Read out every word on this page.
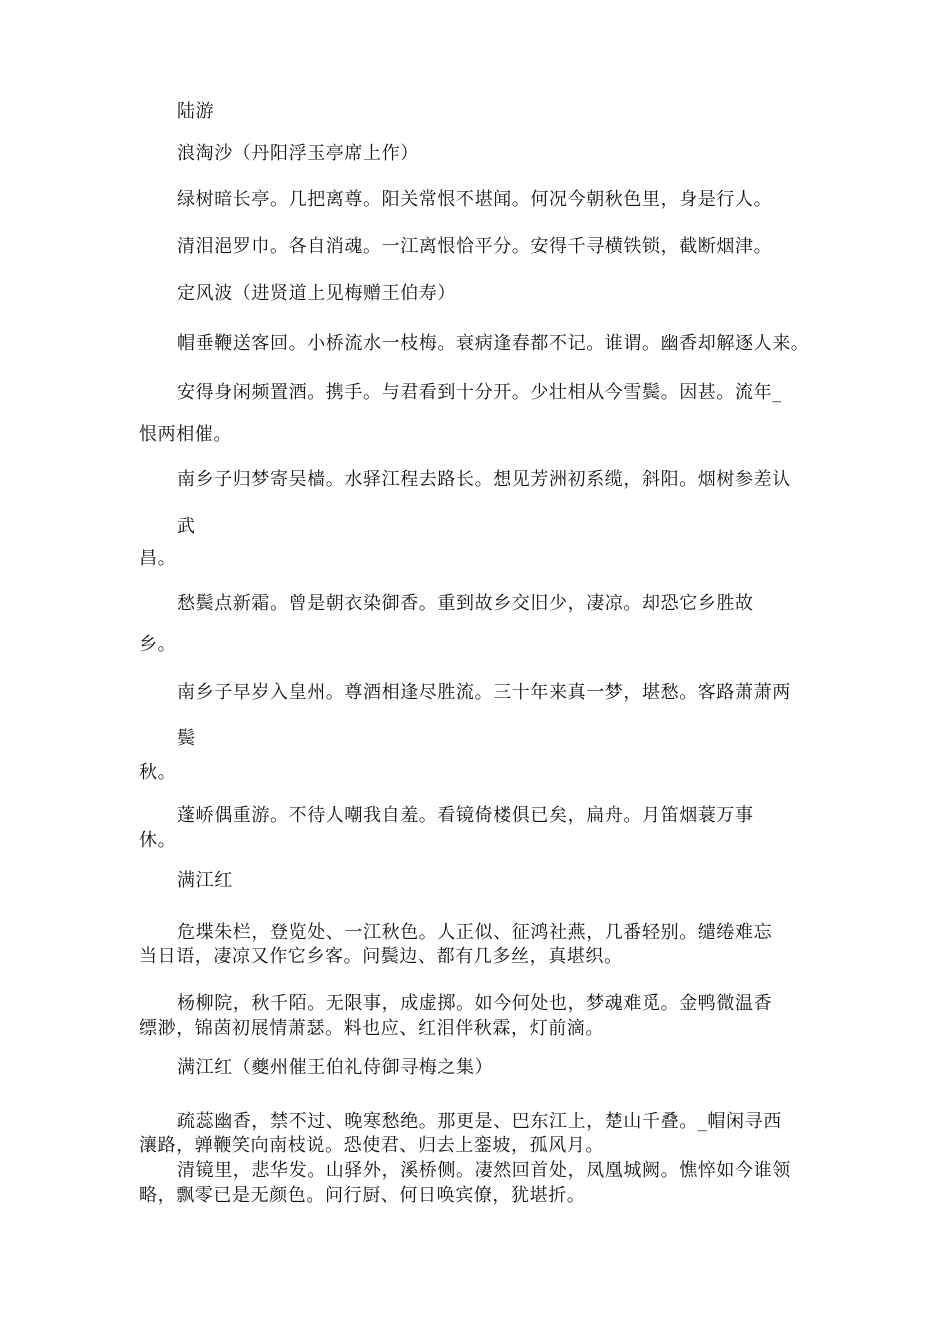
陆游
浪淘沙（丹阳浮玉亭席上作）
绿树暗长亭。几把离尊。阳关常恨不堪闻。何况今朝秋色里，身是行人。
清泪浥罗巾。各自消魂。一江离恨恰平分。安得千寻横铁锁，截断烟津。
定风波（进贤道上见梅赠王伯寿）
帽垂鞭送客回。小桥流水一枝梅。衰病逢春都不记。谁谓。幽香却解逐人来。
安得身闲频置酒。携手。与君看到十分开。少壮相从今雪鬓。因甚。流年_
恨两相催。
南乡子归梦寄吴樯。水驿江程去路长。想见芳洲初系缆，斜阳。烟树参差认
武
昌。
愁鬓点新霜。曾是朝衣染御香。重到故乡交旧少，凄凉。却恐它乡胜故
乡。
南乡子早岁入皇州。尊酒相逢尽胜流。三十年来真一梦，堪愁。客路萧萧两
鬓
秋。
蓬峤偶重游。不待人嘲我自羞。看镜倚楼俱已矣，扁舟。月笛烟蓑万事
休。
满江红
危堞朱栏，登览处、一江秋色。人正似、征鸿社燕，几番轻别。缱绻难忘
当日语，凄凉又作它乡客。问鬓边、都有几多丝，真堪织。
杨柳院，秋千陌。无限事，成虚掷。如今何处也，梦魂难觅。金鸭微温香
缥渺，锦茵初展情萧瑟。料也应、红泪伴秋霖，灯前滴。
满江红（夔州催王伯礼侍御寻梅之集）
疏蕊幽香，禁不过、晚寒愁绝。那更是、巴东江上，楚山千叠。_帽闲寻西
瀼路，亸鞭笑向南枝说。恐使君、归去上銮坡，孤风月。
清镜里，悲华发。山驿外，溪桥侧。凄然回首处，凤凰城阙。憔悴如今谁领
略，飘零已是无颜色。问行厨、何日唤宾僚，犹堪折。
